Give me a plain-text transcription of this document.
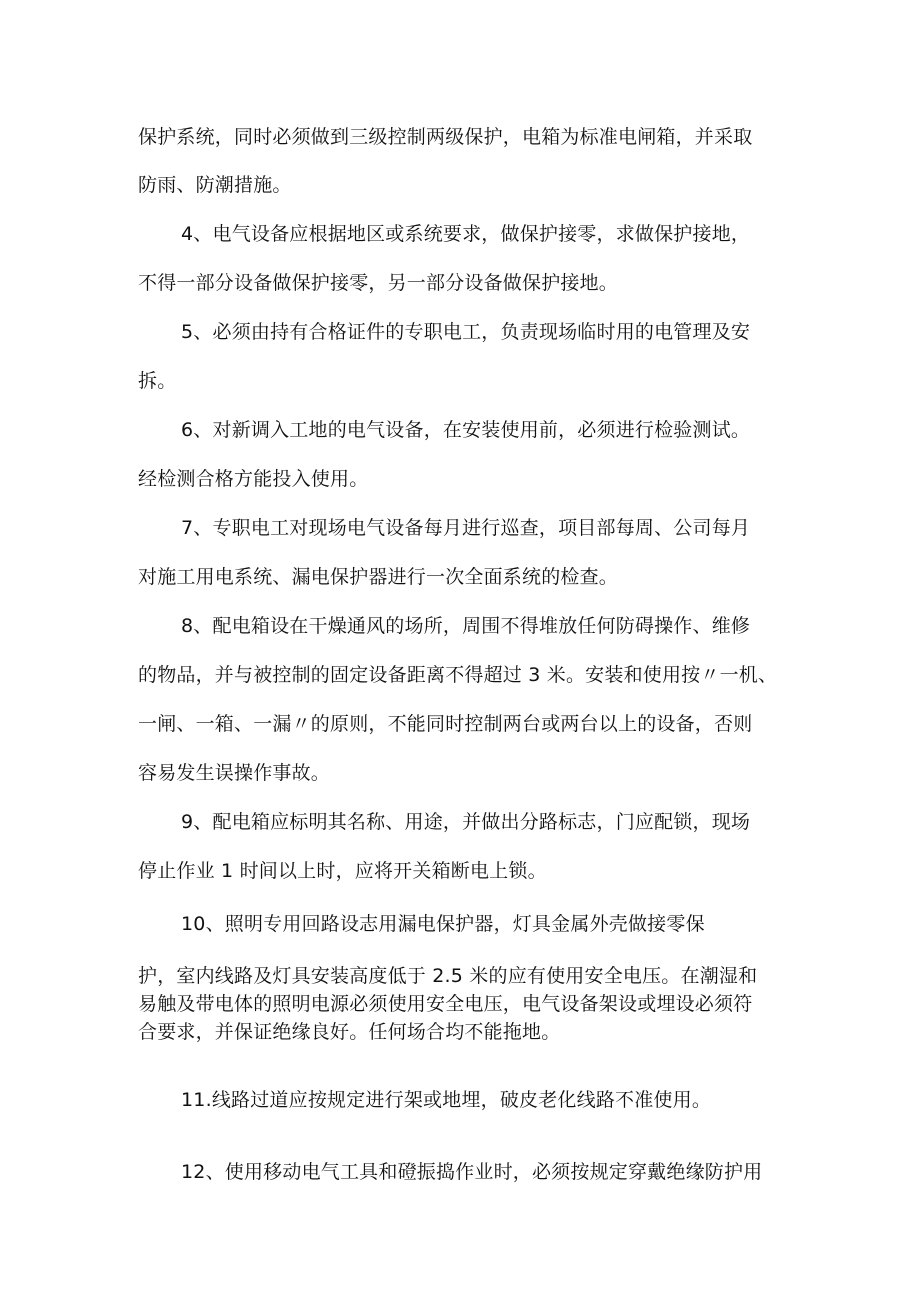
保护系统，同时必须做到三级控制两级保护，电箱为标准电闸箱，并采取
防雨、防潮措施。
4、电气设备应根据地区或系统要求，做保护接零，求做保护接地，
不得一部分设备做保护接零，另一部分设备做保护接地。
5、必须由持有合格证件的专职电工，负责现场临时用的电管理及安
拆。
6、对新调入工地的电气设备，在安装使用前，必须进行检验测试。
经检测合格方能投入使用。
7、专职电工对现场电气设备每月进行巡查，项目部每周、公司每月
对施工用电系统、漏电保护器进行一次全面系统的检查。
8、配电箱设在干燥通风的场所，周围不得堆放任何防碍操作、维修
的物品，并与被控制的固定设备距离不得超过 3 米。安装和使用按〃一机、
一闸、一箱、一漏〃的原则，不能同时控制两台或两台以上的设备，否则
容易发生误操作事故。
9、配电箱应标明其名称、用途，并做出分路标志，门应配锁，现场
停止作业 1 时间以上时，应将开关箱断电上锁。
10、照明专用回路设志用漏电保护器，灯具金属外壳做接零保
护，室内线路及灯具安装高度低于 2.5 米的应有使用安全电压。在潮湿和
易触及带电体的照明电源必须使用安全电压，电气设备架设或埋设必须符
合要求，并保证绝缘良好。任何场合均不能拖地。
11.线路过道应按规定进行架或地埋，破皮老化线路不准使用。
12、使用移动电气工具和磴振捣作业时，必须按规定穿戴绝缘防护用
